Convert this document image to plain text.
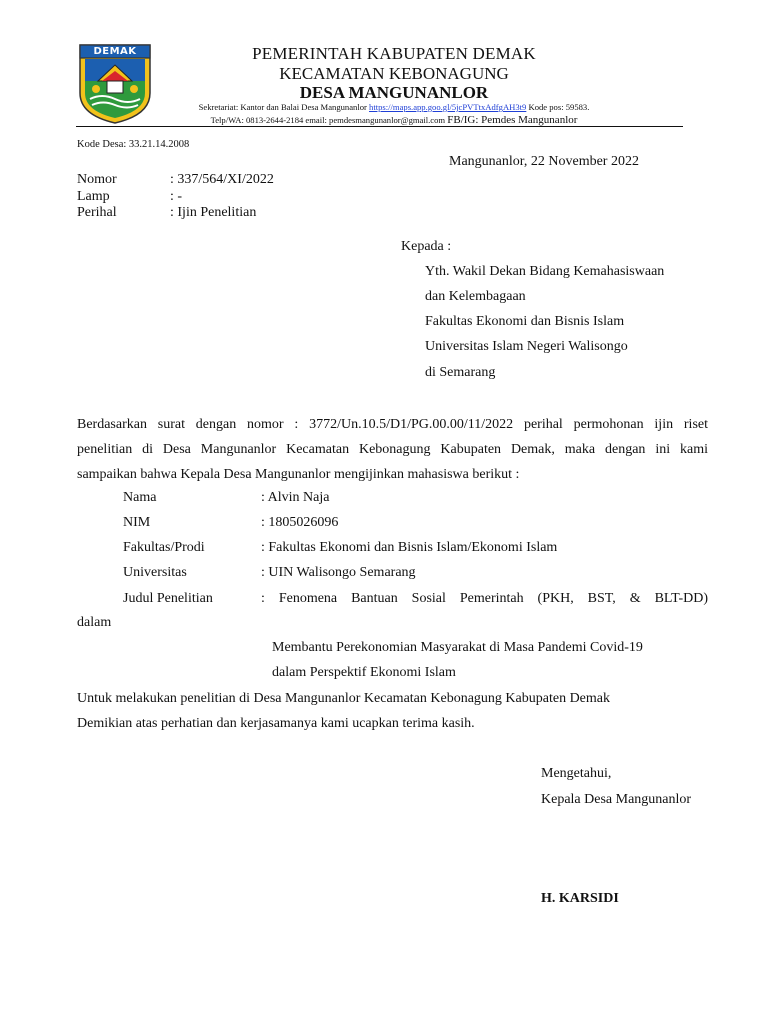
DEMAK	PEMERINTAH KABUPATEN DEMAK
KECAMATAN KEBONAGUNG
DESA MANGUNANLOR
Sekretariat: Kantor dan Balai Desa Mangunanlor https://maps.app.goo.gl/5jcPVTtxAdfgAH3t9 Kode pos: 59583.
Telp/WA: 0813-2644-2184 email: pemdesmangunanlor@gmail.com FB/IG: Pemdes Mangunanlor
Kode Desa: 33.21.14.2008
Mangunanlor, 22 November 2022
Nomor	: 337/564/XI/2022
Lamp	: -
Perihal	: Ijin Penelitian
Kepada :
Yth. Wakil Dekan Bidang Kemahasiswaan
dan Kelembagaan
Fakultas Ekonomi dan Bisnis Islam
Universitas Islam Negeri Walisongo
di Semarang
Berdasarkan surat dengan nomor : 3772/Un.10.5/D1/PG.00.00/11/2022 perihal permohonan ijin riset
penelitian di Desa Mangunanlor Kecamatan Kebonagung Kabupaten Demak, maka dengan ini kami
sampaikan bahwa Kepala Desa Mangunanlor mengijinkan mahasiswa berikut :
Nama	: Alvin Naja
NIM	: 1805026096
Fakultas/Prodi	: Fakultas Ekonomi dan Bisnis Islam/Ekonomi Islam
Universitas	: UIN Walisongo Semarang
Judul Penelitian	: Fenomena Bantuan Sosial Pemerintah (PKH, BST, & BLT-DD)
dalam
Membantu Perekonomian Masyarakat di Masa Pandemi Covid-19
dalam Perspektif Ekonomi Islam
Untuk melakukan penelitian di Desa Mangunanlor Kecamatan Kebonagung Kabupaten Demak
Demikian atas perhatian dan kerjasamanya kami ucapkan terima kasih.
Mengetahui,
Kepala Desa Mangunanlor
H. KARSIDI
